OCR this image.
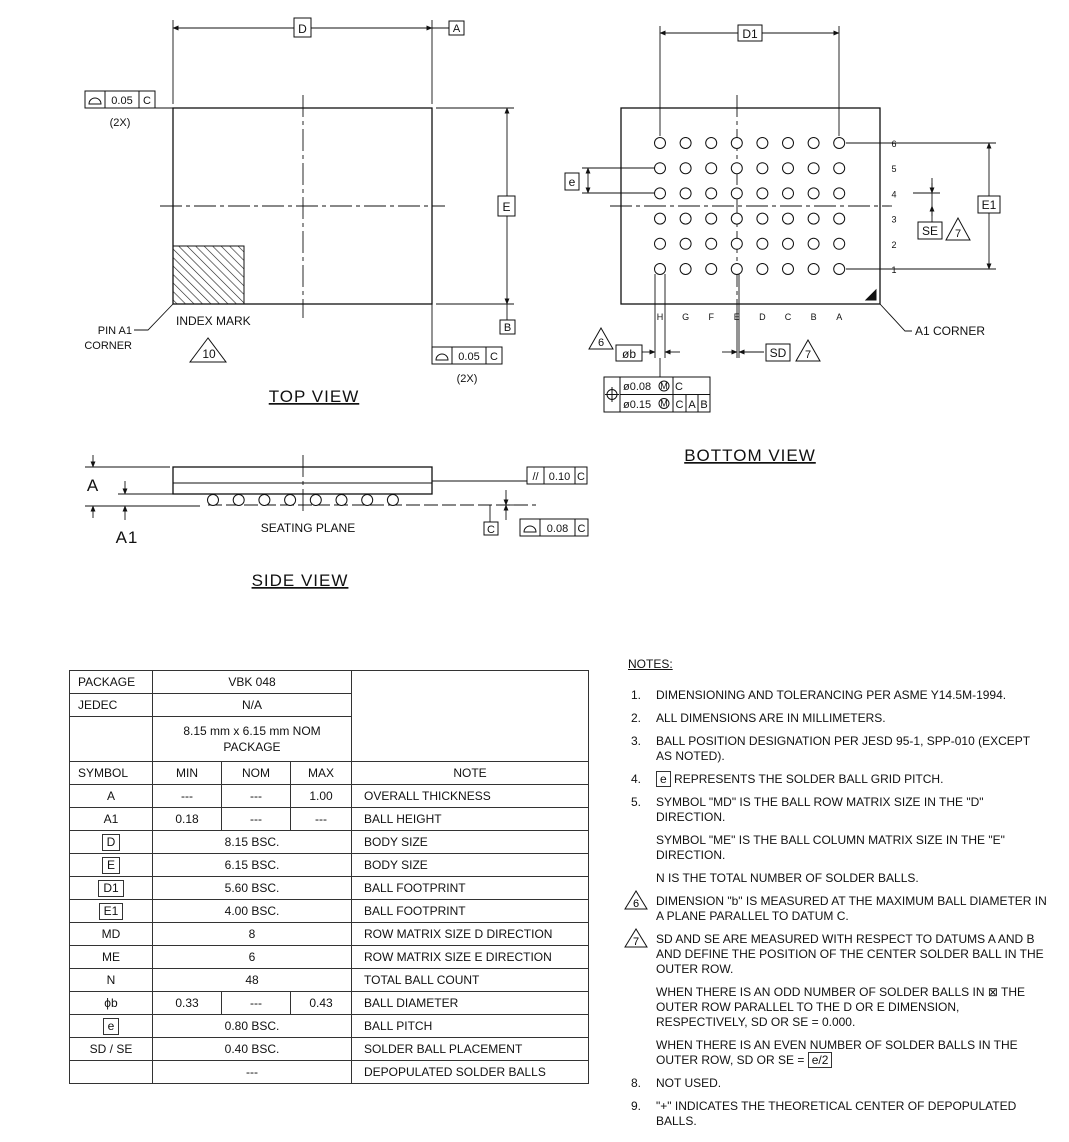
D	A
E
B
0.05 C
(2X)
0.05 C
(2X)
PIN A1
CORNER
INDEX MARK
10
TOP VIEW
A
A1	SEATING PLANE	C
// 0.10 C
0.08 C
SIDE VIEW
6
5
4
3
2
1
H G F E D C B A
D1
E1
e
SE 7
øb
6
SD 7
A1 CORNER
ø0.08 M C
ø0.15 M C A B
BOTTOM VIEW
PACKAGE	VBK 048			
JEDEC	N/A			
	8.15 mm x 6.15 mm NOM PACKAGE			
SYMBOL	MIN	NOM	MAX	NOTE
A	---	---	1.00	OVERALL THICKNESS
A1	0.18	---	---	BALL HEIGHT
D	8.15 BSC.			BODY SIZE
E	6.15 BSC.			BODY SIZE
D1	5.60 BSC.			BALL FOOTPRINT
E1	4.00 BSC.			BALL FOOTPRINT
MD	8			ROW MATRIX SIZE D DIRECTION
ME	6			ROW MATRIX SIZE E DIRECTION
N	48			TOTAL BALL COUNT
ϕb	0.33	---	0.43	BALL DIAMETER
e	0.80 BSC.			BALL PITCH
SD / SE	0.40 BSC.			SOLDER BALL PLACEMENT
	---			DEPOPULATED SOLDER BALLS
NOTES:
1. DIMENSIONING AND TOLERANCING PER ASME Y14.5M-1994.
2. ALL DIMENSIONS ARE IN MILLIMETERS.
3. BALL POSITION DESIGNATION PER JESD 95-1, SPP-010 (EXCEPT AS NOTED).
4. e REPRESENTS THE SOLDER BALL GRID PITCH.
5. SYMBOL "MD" IS THE BALL ROW MATRIX SIZE IN THE "D" DIRECTION.
SYMBOL "ME" IS THE BALL COLUMN MATRIX SIZE IN THE "E" DIRECTION.
N IS THE TOTAL NUMBER OF SOLDER BALLS.
6 DIMENSION "b" IS MEASURED AT THE MAXIMUM BALL DIAMETER IN A PLANE PARALLEL TO DATUM C.
7 SD AND SE ARE MEASURED WITH RESPECT TO DATUMS A AND B AND DEFINE THE POSITION OF THE CENTER SOLDER BALL IN THE OUTER ROW.
WHEN THERE IS AN ODD NUMBER OF SOLDER BALLS IN ⊠ THE OUTER ROW PARALLEL TO THE D OR E DIMENSION, RESPECTIVELY, SD OR SE = 0.000.
WHEN THERE IS AN EVEN NUMBER OF SOLDER BALLS IN THE OUTER ROW, SD OR SE = e/2
8. NOT USED.
9. "+" INDICATES THE THEORETICAL CENTER OF DEPOPULATED BALLS.
